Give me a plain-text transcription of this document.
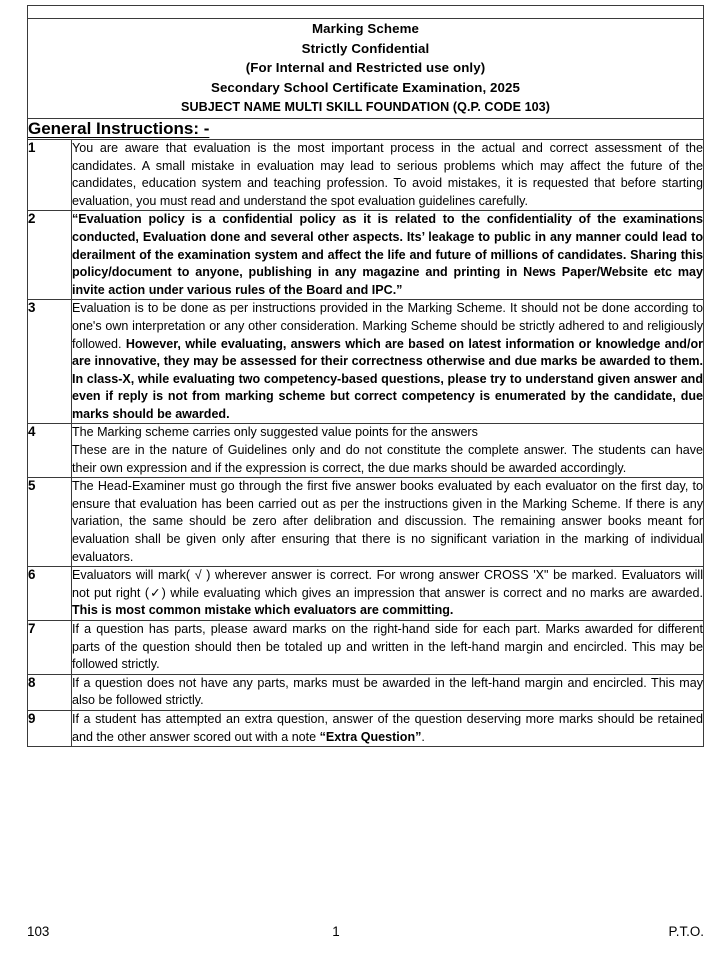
Marking Scheme
Strictly Confidential
(For Internal and Restricted use only)
Secondary School Certificate Examination, 2025
SUBJECT NAME MULTI SKILL FOUNDATION (Q.P. CODE 103)	

General Instructions: -	

1	You are aware that evaluation is the most important process in the actual and correct assessment of the candidates. A small mistake in evaluation may lead to serious problems which may affect the future of the candidates, education system and teaching profession. To avoid mistakes, it is requested that before starting evaluation, you must read and understand the spot evaluation guidelines carefully.

2	“Evaluation policy is a confidential policy as it is related to the confidentiality of the examinations conducted, Evaluation done and several other aspects. Its’ leakage to public in any manner could lead to derailment of the examination system and affect the life and future of millions of candidates. Sharing this policy/document to anyone, publishing in any magazine and printing in News Paper/Website etc may invite action under various rules of the Board and IPC.”

3	Evaluation is to be done as per instructions provided in the Marking Scheme. It should not be done according to one's own interpretation or any other consideration. Marking Scheme should be strictly adhered to and religiously followed. However, while evaluating, answers which are based on latest information or knowledge and/or are innovative, they may be assessed for their correctness otherwise and due marks be awarded to them. In class-X, while evaluating two competency-based questions, please try to understand given answer and even if reply is not from marking scheme but correct competency is enumerated by the candidate, due marks should be awarded.

4	The Marking scheme carries only suggested value points for the answers

These are in the nature of Guidelines only and do not constitute the complete answer. The students can have their own expression and if the expression is correct, the due marks should be awarded accordingly.

5	The Head-Examiner must go through the first five answer books evaluated by each evaluator on the first day, to ensure that evaluation has been carried out as per the instructions given in the Marking Scheme. If there is any variation, the same should be zero after delibration and discussion. The remaining answer books meant for evaluation shall be given only after ensuring that there is no significant variation in the marking of individual evaluators.

6	Evaluators will mark( √ ) wherever answer is correct. For wrong answer CROSS 'X" be marked. Evaluators will not put right (✓) while evaluating which gives an impression that answer is correct and no marks are awarded. This is most common mistake which evaluators are committing.

7	If a question has parts, please award marks on the right-hand side for each part. Marks awarded for different parts of the question should then be totaled up and written in the left-hand margin and encircled. This may be followed strictly.

8	If a question does not have any parts, marks must be awarded in the left-hand margin and encircled. This may also be followed strictly.

9	If a student has attempted an extra question, answer of the question deserving more marks should be retained and the other answer scored out with a note “Extra Question”.

103	1	P.T.O.
